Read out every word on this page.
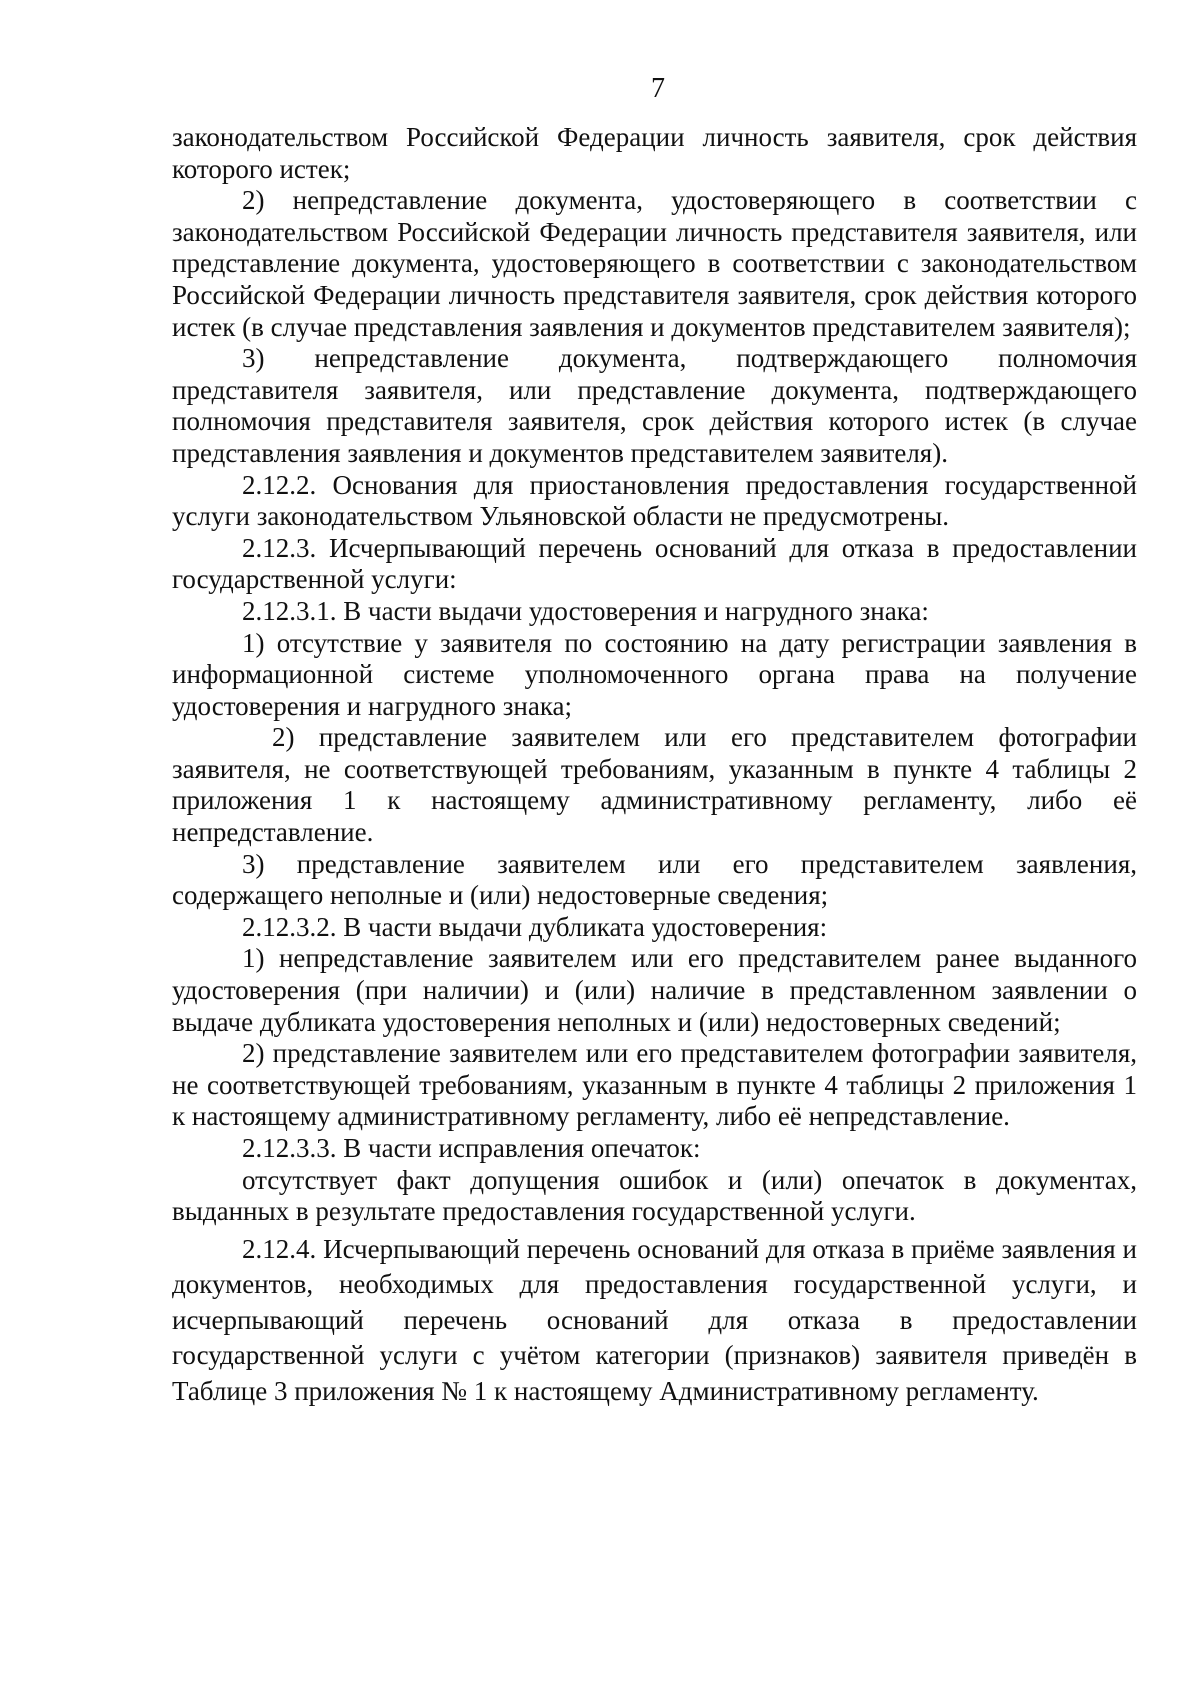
7

законодательством Российской Федерации личность заявителя, срок действия которого истек;

2) непредставление документа, удостоверяющего в соответствии с законодательством Российской Федерации личность представителя заявителя, или представление документа, удостоверяющего в соответствии с законодательством Российской Федерации личность представителя заявителя, срок действия которого истек (в случае представления заявления и документов представителем заявителя);

3) непредставление документа, подтверждающего полномочия представителя заявителя, или представление документа, подтверждающего полномочия представителя заявителя, срок действия которого истек (в случае представления заявления и документов представителем заявителя).

2.12.2. Основания для приостановления предоставления государственной услуги законодательством Ульяновской области не предусмотрены.

2.12.3. Исчерпывающий перечень оснований для отказа в предоставлении государственной услуги:

2.12.3.1. В части выдачи удостоверения и нагрудного знака:

1) отсутствие у заявителя по состоянию на дату регистрации заявления в информационной системе уполномоченного органа права на получение удостоверения и нагрудного знака;

2) представление заявителем или его представителем фотографии заявителя, не соответствующей требованиям, указанным в пункте 4 таблицы 2 приложения 1 к настоящему административному регламенту, либо её непредставление.

3) представление заявителем или его представителем заявления, содержащего неполные и (или) недостоверные сведения;

2.12.3.2. В части выдачи дубликата удостоверения:

1) непредставление заявителем или его представителем ранее выданного удостоверения (при наличии) и (или) наличие в представленном заявлении о выдаче дубликата удостоверения неполных и (или) недостоверных сведений;

2) представление заявителем или его представителем фотографии заявителя, не соответствующей требованиям, указанным в пункте 4 таблицы 2 приложения 1 к настоящему административному регламенту, либо её непредставление.

2.12.3.3. В части исправления опечаток:

отсутствует факт допущения ошибок и (или) опечаток в документах, выданных в результате предоставления государственной услуги.

2.12.4. Исчерпывающий перечень оснований для отказа в приёме заявления и документов, необходимых для предоставления государственной услуги, и исчерпывающий перечень оснований для отказа в предоставлении государственной услуги с учётом категории (признаков) заявителя приведён в Таблице 3 приложения № 1 к настоящему Административному регламенту.
